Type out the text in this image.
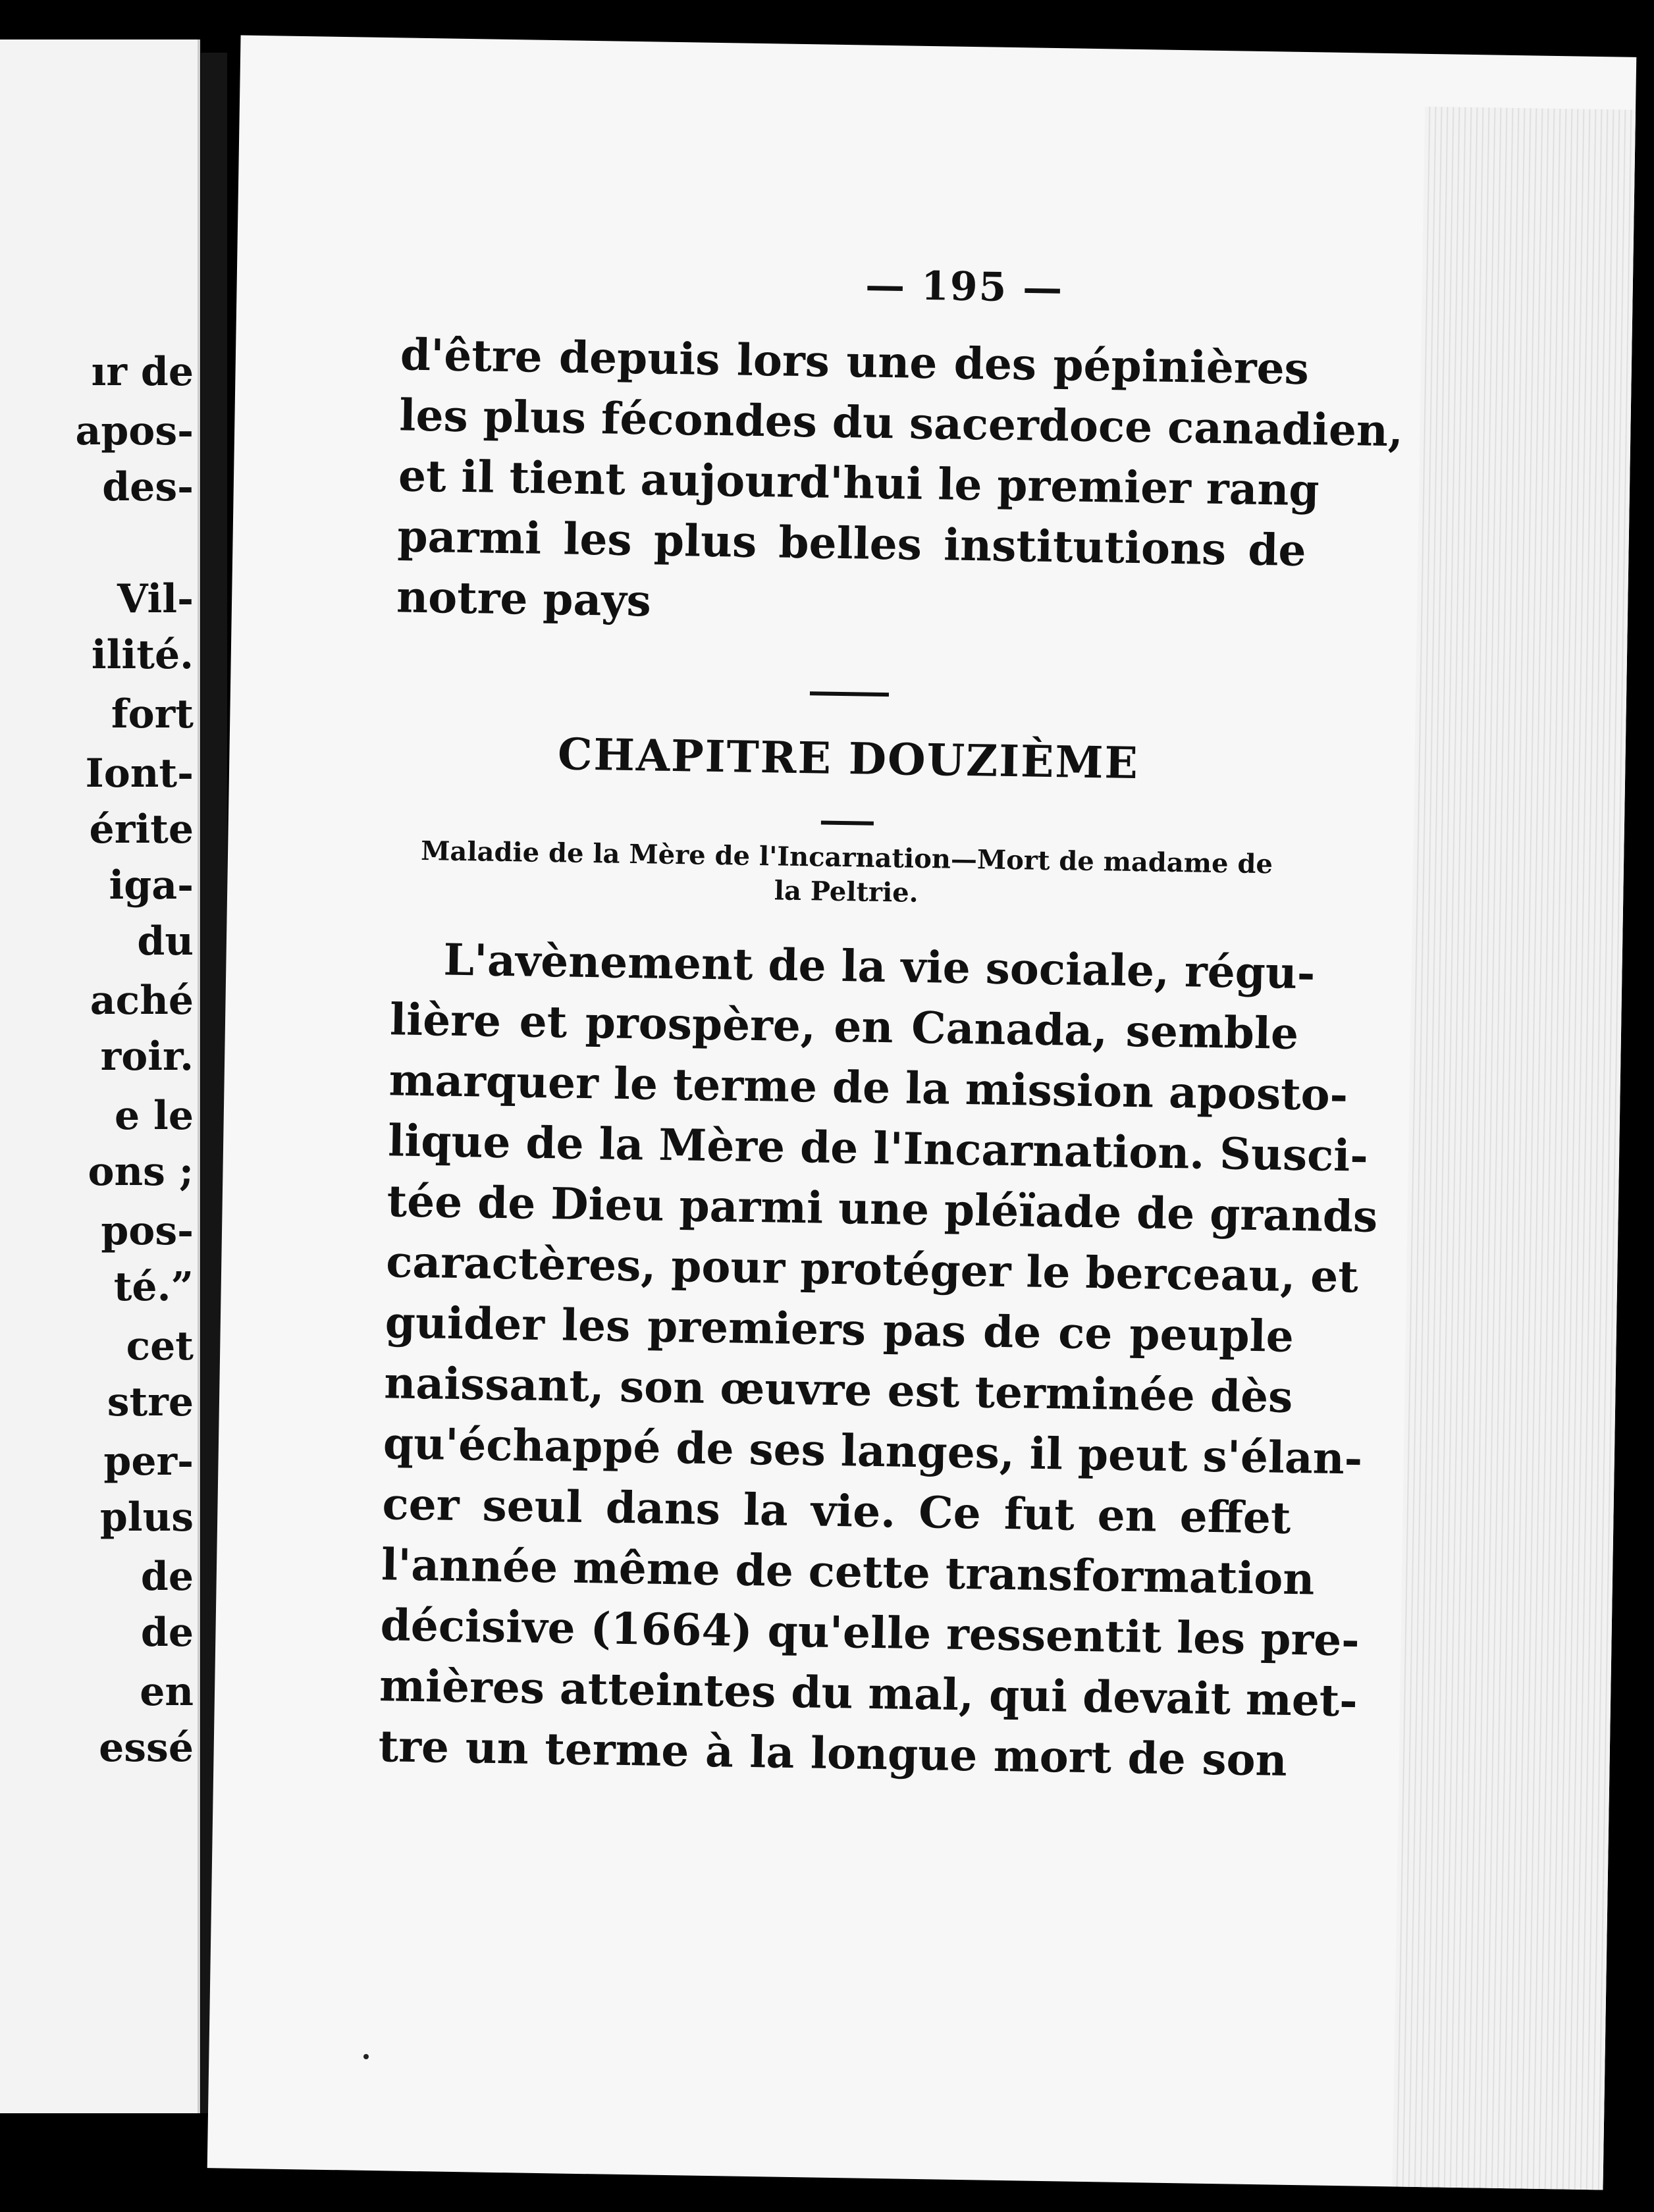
ır de
apos-
des-
Vil-
ilité.
fort
Iont-
érite
iga-
du
aché
roir.
e le
ons ;
pos-
té.”
cet
stre
per-
plus
de
de
en
essé
— 195 —
d'être depuis lors une des pépinières
les plus fécondes du sacerdoce canadien,
et il tient aujourd'hui le premier rang
parmi les plus belles institutions de
notre pays
CHAPITRE DOUZIÈME
Maladie de la Mère de l'Incarnation—Mort de madame de
la Peltrie.
L'avènement de la vie sociale, régu-
lière et prospère, en Canada, semble
marquer le terme de la mission aposto-
lique de la Mère de l'Incarnation. Susci-
tée de Dieu parmi une pléïade de grands
caractères, pour protéger le berceau, et
guider les premiers pas de ce peuple
naissant, son œuvre est terminée dès
qu'échappé de ses langes, il peut s'élan-
cer seul dans la vie. Ce fut en effet
l'année même de cette transformation
décisive (1664) qu'elle ressentit les pre-
mières atteintes du mal, qui devait met-
tre un terme à la longue mort de son
